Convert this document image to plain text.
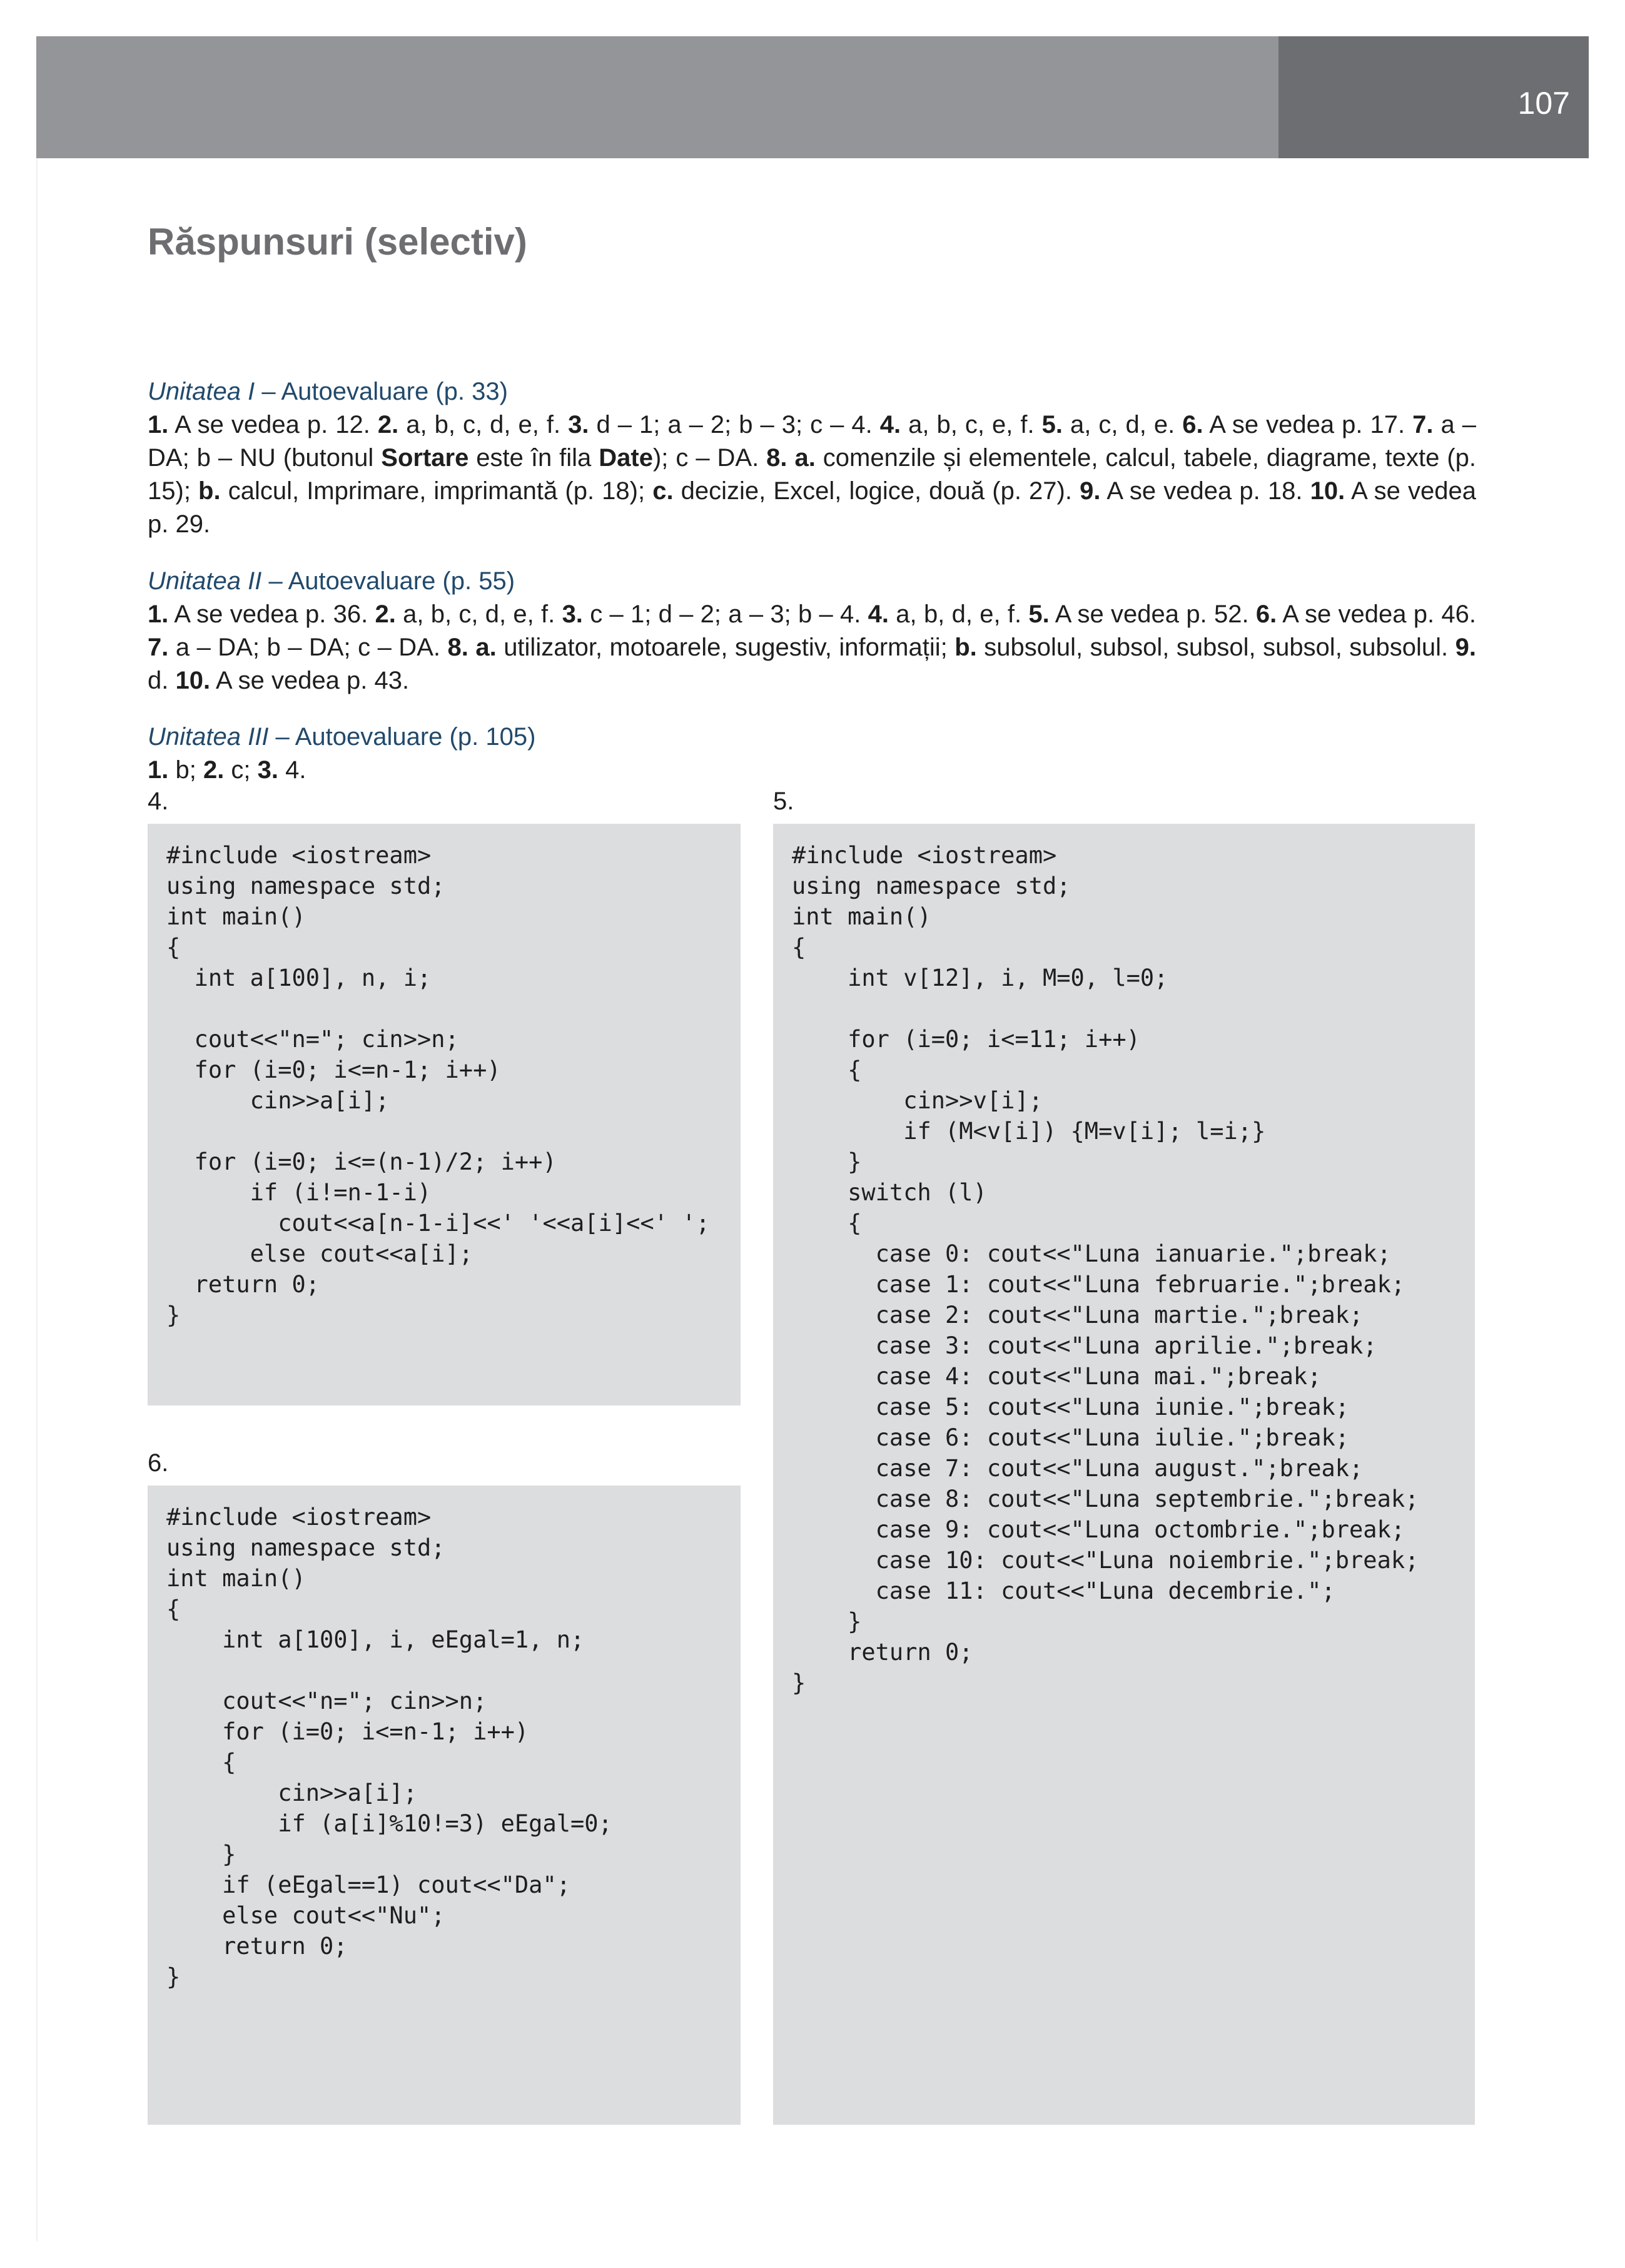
107
Răspunsuri (selectiv)
Unitatea I – Autoevaluare (p. 33)
1. A se vedea p. 12. 2. a, b, c, d, e, f. 3. d – 1; a – 2; b – 3; c – 4. 4. a, b, c, e, f. 5. a, c, d, e. 6. A se vedea p. 17. 7. a – DA; b – NU (butonul Sortare este în fila Date); c – DA. 8. a. comenzile și elementele, calcul, tabele, diagrame, texte (p. 15); b. calcul, Imprimare, imprimantă (p. 18); c. decizie, Excel, logice, două (p. 27). 9. A se vedea p. 18. 10. A se vedea p. 29.
Unitatea II – Autoevaluare (p. 55)
1. A se vedea p. 36. 2. a, b, c, d, e, f. 3. c – 1; d – 2; a – 3; b – 4. 4. a, b, d, e, f. 5. A se vedea p. 52. 6. A se vedea p. 46. 7. a – DA; b – DA; c – DA. 8. a. utilizator, motoarele, sugestiv, informații; b. subsolul, subsol, subsol, subsol, subsolul. 9. d. 10. A se vedea p. 43.
Unitatea III – Autoevaluare (p. 105)
1. b; 2. c; 3. 4.
4.
#include <iostream>
using namespace std;
int main()
{
int a[100], n, i;

cout<<"n="; cin>>n;
for (i=0; i<=n-1; i++)
cin>>a[i];

for (i=0; i<=(n-1)/2; i++)
if (i!=n-1-i)
cout<<a[n-1-i]<<' '<<a[i]<<' ';
else cout<<a[i];
return 0;
}
5.
#include <iostream>
using namespace std;
int main()
{
int v[12], i, M=0, l=0;

for (i=0; i<=11; i++)
{
cin>>v[i];
if (M<v[i]) {M=v[i]; l=i;}
}
switch (l)
{
case 0: cout<<"Luna ianuarie.";break;
case 1: cout<<"Luna februarie.";break;
case 2: cout<<"Luna martie.";break;
case 3: cout<<"Luna aprilie.";break;
case 4: cout<<"Luna mai.";break;
case 5: cout<<"Luna iunie.";break;
case 6: cout<<"Luna iulie.";break;
case 7: cout<<"Luna august.";break;
case 8: cout<<"Luna septembrie.";break;
case 9: cout<<"Luna octombrie.";break;
case 10: cout<<"Luna noiembrie.";break;
case 11: cout<<"Luna decembrie.";
}
return 0;
}
6.
#include <iostream>
using namespace std;
int main()
{
int a[100], i, eEgal=1, n;

cout<<"n="; cin>>n;
for (i=0; i<=n-1; i++)
{
cin>>a[i];
if (a[i]%10!=3) eEgal=0;
}
if (eEgal==1) cout<<"Da";
else cout<<"Nu";
return 0;
}
